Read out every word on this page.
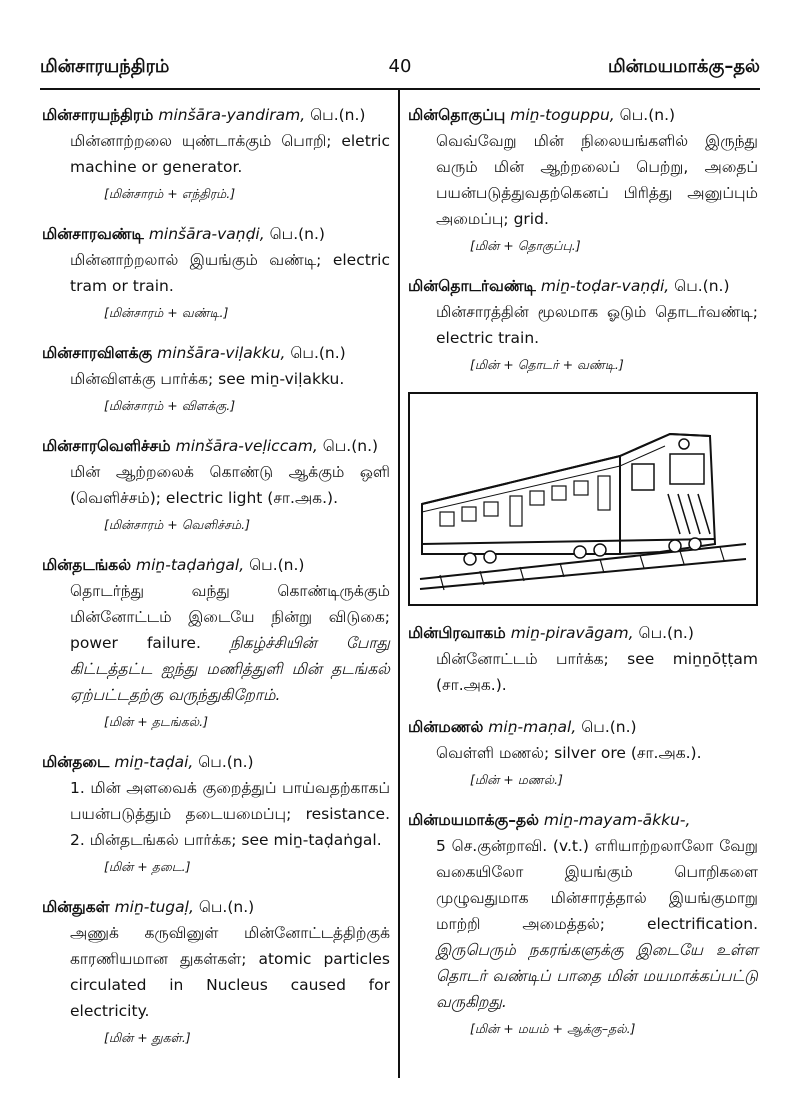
மின்சாரயந்திரம்	40	மின்மயமாக்கு–தல்
மின்சாரயந்திரம் minšāra-yandiram, பெ.(n.)
மின்னாற்றலை யுண்டாக்கும் பொறி; eletric machine or generator.
[மின்சாரம் + எந்திரம்.]
மின்சாரவண்டி minšāra-vaṇḍi, பெ.(n.)
மின்னாற்றலால் இயங்கும் வண்டி; electric tram or train.
[மின்சாரம் + வண்டி.]
மின்சாரவிளக்கு minšāra-viḷakku, பெ.(n.)
மின்விளக்கு பார்க்க; see miṉ-viḷakku.
[மின்சாரம் + விளக்கு.]
மின்சாரவெளிச்சம் minšāra-veḷiccam, பெ.(n.)
மின் ஆற்றலைக் கொண்டு ஆக்கும் ஒளி (வெளிச்சம்); electric light (சா.அக.).
[மின்சாரம் + வெளிச்சம்.]
மின்தடங்கல் miṉ-taḍaṅgal, பெ.(n.)
தொடர்ந்து வந்து கொண்டிருக்கும் மின்னோட்டம் இடையே நின்று விடுகை; power failure. நிகழ்ச்சியின் போது கிட்டத்தட்ட ஐந்து மணித்துளி மின் தடங்கல் ஏற்பட்டதற்கு வருந்துகிறோம்.
[மின் + தடங்கல்.]
மின்தடை miṉ-taḍai, பெ.(n.)
1. மின் அளவைக் குறைத்துப் பாய்வதற்காகப் பயன்படுத்தும் தடையமைப்பு; resistance. 2. மின்தடங்கல் பார்க்க; see miṉ-taḍaṅgal.
[மின் + தடை.]
மின்துகள் miṉ-tugaḷ, பெ.(n.)
அணுக் கருவினுள் மின்னோட்டத்திற்குக் காரணியமான துகள்கள்; atomic particles circulated in Nucleus caused for electricity.
[மின் + துகள்.]
மின்தொகுப்பு miṉ-toguppu, பெ.(n.)
வெவ்வேறு மின் நிலையங்களில் இருந்து வரும் மின் ஆற்றலைப் பெற்று, அதைப் பயன்படுத்துவதற்கெனப் பிரித்து அனுப்பும் அமைப்பு; grid.
[மின் + தொகுப்பு.]
மின்தொடர்வண்டி miṉ-toḍar-vaṇḍi, பெ.(n.)
மின்சாரத்தின் மூலமாக ஓடும் தொடர்வண்டி; electric train.
[மின் + தொடர் + வண்டி.]
மின்பிரவாகம் miṉ-piravāgam, பெ.(n.)
மின்னோட்டம் பார்க்க; see miṉṉōṭṭam (சா.அக.).
மின்மணல் miṉ-maṇal, பெ.(n.)
வெள்ளி மணல்; silver ore (சா.அக.).
[மின் + மணல்.]
மின்மயமாக்கு–தல் miṉ-mayam-ākku-,
5 செ.குன்றாவி. (v.t.) எரியாற்றலாலோ வேறு வகையிலோ இயங்கும் பொறிகளை முழுவதுமாக மின்சாரத்தால் இயங்குமாறு மாற்றி அமைத்தல்; electrification. இருபெரும் நகரங்களுக்கு இடையே உள்ள தொடர் வண்டிப் பாதை மின் மயமாக்கப்பட்டு வருகிறது.
[மின் + மயம் + ஆக்கு–தல்.]
